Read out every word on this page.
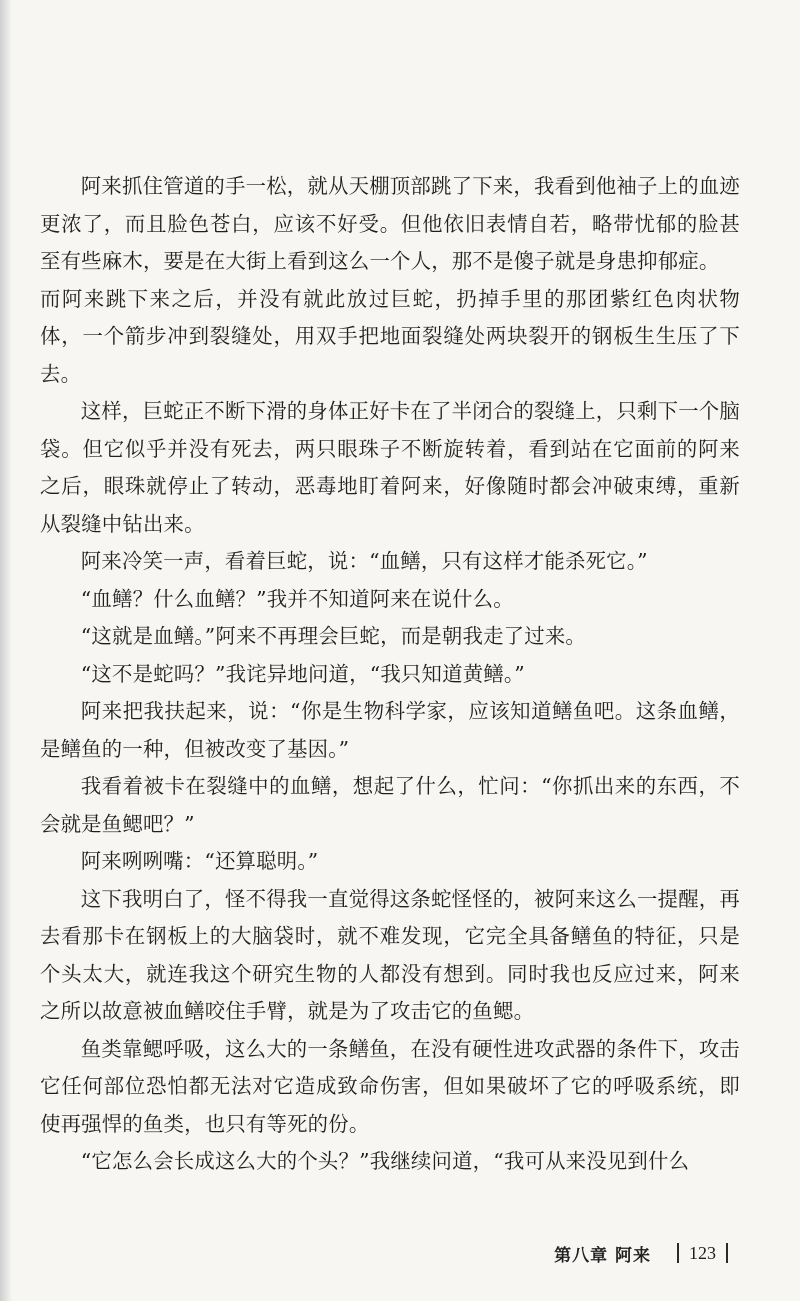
阿来抓住管道的手一松，就从天棚顶部跳了下来，我看到他袖子上的血迹更浓了，而且脸色苍白，应该不好受。但他依旧表情自若，略带忧郁的脸甚至有些麻木，要是在大街上看到这么一个人，那不是傻子就是身患抑郁症。

而阿来跳下来之后，并没有就此放过巨蛇，扔掉手里的那团紫红色肉状物体，一个箭步冲到裂缝处，用双手把地面裂缝处两块裂开的钢板生生压了下去。

这样，巨蛇正不断下滑的身体正好卡在了半闭合的裂缝上，只剩下一个脑袋。但它似乎并没有死去，两只眼珠子不断旋转着，看到站在它面前的阿来之后，眼珠就停止了转动，恶毒地盯着阿来，好像随时都会冲破束缚，重新从裂缝中钻出来。

阿来冷笑一声，看着巨蛇，说：“血鳝，只有这样才能杀死它。”

“血鳝？什么血鳝？”我并不知道阿来在说什么。

“这就是血鳝。”阿来不再理会巨蛇，而是朝我走了过来。

“这不是蛇吗？”我诧异地问道，“我只知道黄鳝。”

阿来把我扶起来，说：“你是生物科学家，应该知道鳝鱼吧。这条血鳝，是鳝鱼的一种，但被改变了基因。”

我看着被卡在裂缝中的血鳝，想起了什么，忙问：“你抓出来的东西，不会就是鱼鳃吧？”

阿来咧咧嘴：“还算聪明。”

这下我明白了，怪不得我一直觉得这条蛇怪怪的，被阿来这么一提醒，再去看那卡在钢板上的大脑袋时，就不难发现，它完全具备鳝鱼的特征，只是个头太大，就连我这个研究生物的人都没有想到。同时我也反应过来，阿来之所以故意被血鳝咬住手臂，就是为了攻击它的鱼鳃。

鱼类靠鳃呼吸，这么大的一条鳝鱼，在没有硬性进攻武器的条件下，攻击它任何部位恐怕都无法对它造成致命伤害，但如果破坏了它的呼吸系统，即使再强悍的鱼类，也只有等死的份。

“它怎么会长成这么大的个头？”我继续问道，“我可从来没见到什么

第八章 阿来 123
